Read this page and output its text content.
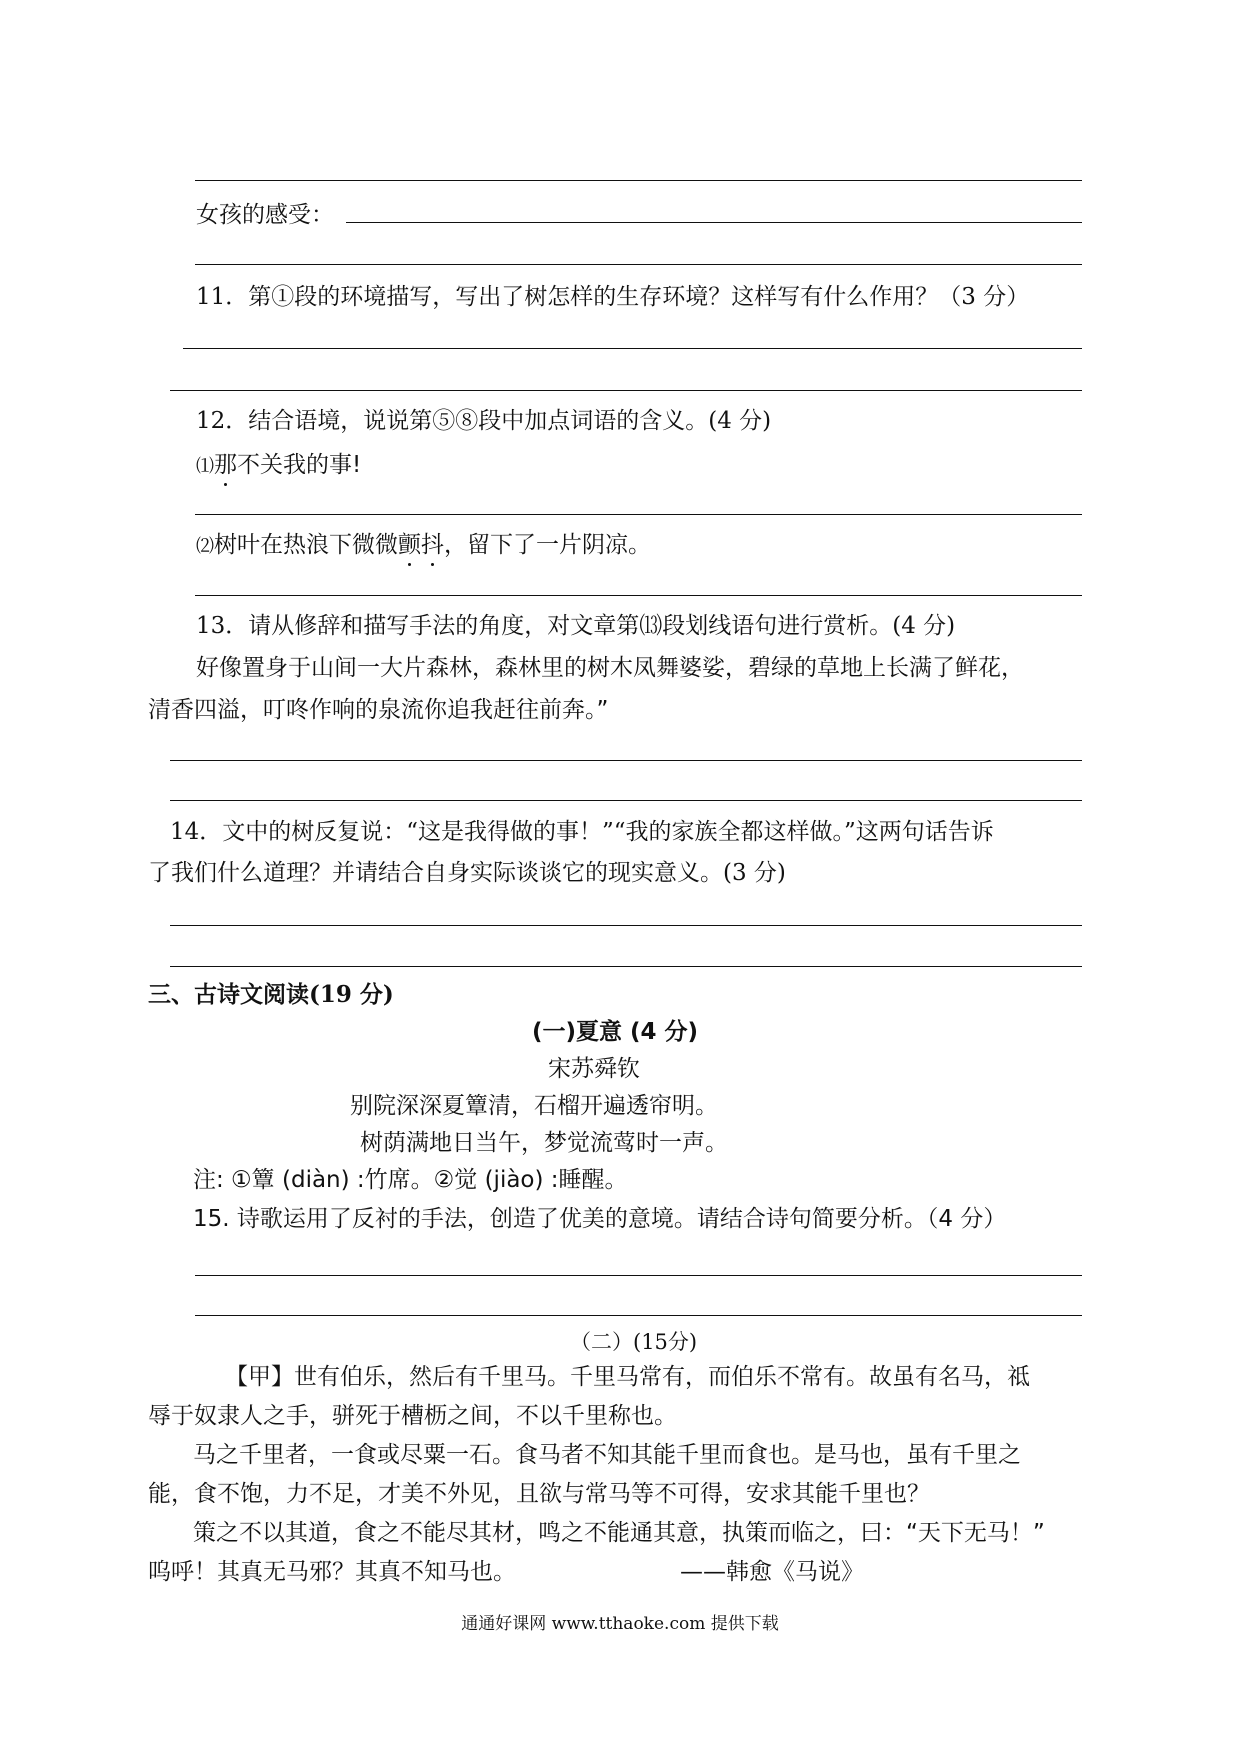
女孩的感受：
11．第①段的环境描写，写出了树怎样的生存环境？这样写有什么作用？（3 分）
12．结合语境，说说第⑤⑧段中加点词语的含义。(4 分)
⑴那不关我的事!
⑵树叶在热浪下微微颤抖，留下了一片阴凉。
13．请从修辞和描写手法的角度，对文章第⒀段划线语句进行赏析。(4 分)
好像置身于山间一大片森林，森林里的树木凤舞婆娑，碧绿的草地上长满了鲜花，
清香四溢，叮咚作响的泉流你追我赶往前奔。”
14．文中的树反复说：“这是我得做的事！”“我的家族全都这样做。”这两句话告诉
了我们什么道理？并请结合自身实际谈谈它的现实意义。(3 分)
三、古诗文阅读(19 分)
(一)夏意 (4 分)
宋苏舜钦
别院深深夏簟清，石榴开遍透帘明。
树荫满地日当午，梦觉流莺时一声。
注: ①簟 (diàn) :竹席。②觉 (jiào) :睡醒。
15. 诗歌运用了反衬的手法，创造了优美的意境。请结合诗句简要分析。（4 分）
（二）(15分)
【甲】世有伯乐，然后有千里马。千里马常有，而伯乐不常有。故虽有名马，祗
辱于奴隶人之手，骈死于槽枥之间，不以千里称也。
马之千里者，一食或尽粟一石。食马者不知其能千里而食也。是马也，虽有千里之
能，食不饱，力不足，才美不外见，且欲与常马等不可得，安求其能千里也？
策之不以其道，食之不能尽其材，鸣之不能通其意，执策而临之，曰：“天下无马！”
呜呼！其真无马邪？其真不知马也。	——韩愈《马说》
通通好课网 www.tthaoke.com 提供下载
